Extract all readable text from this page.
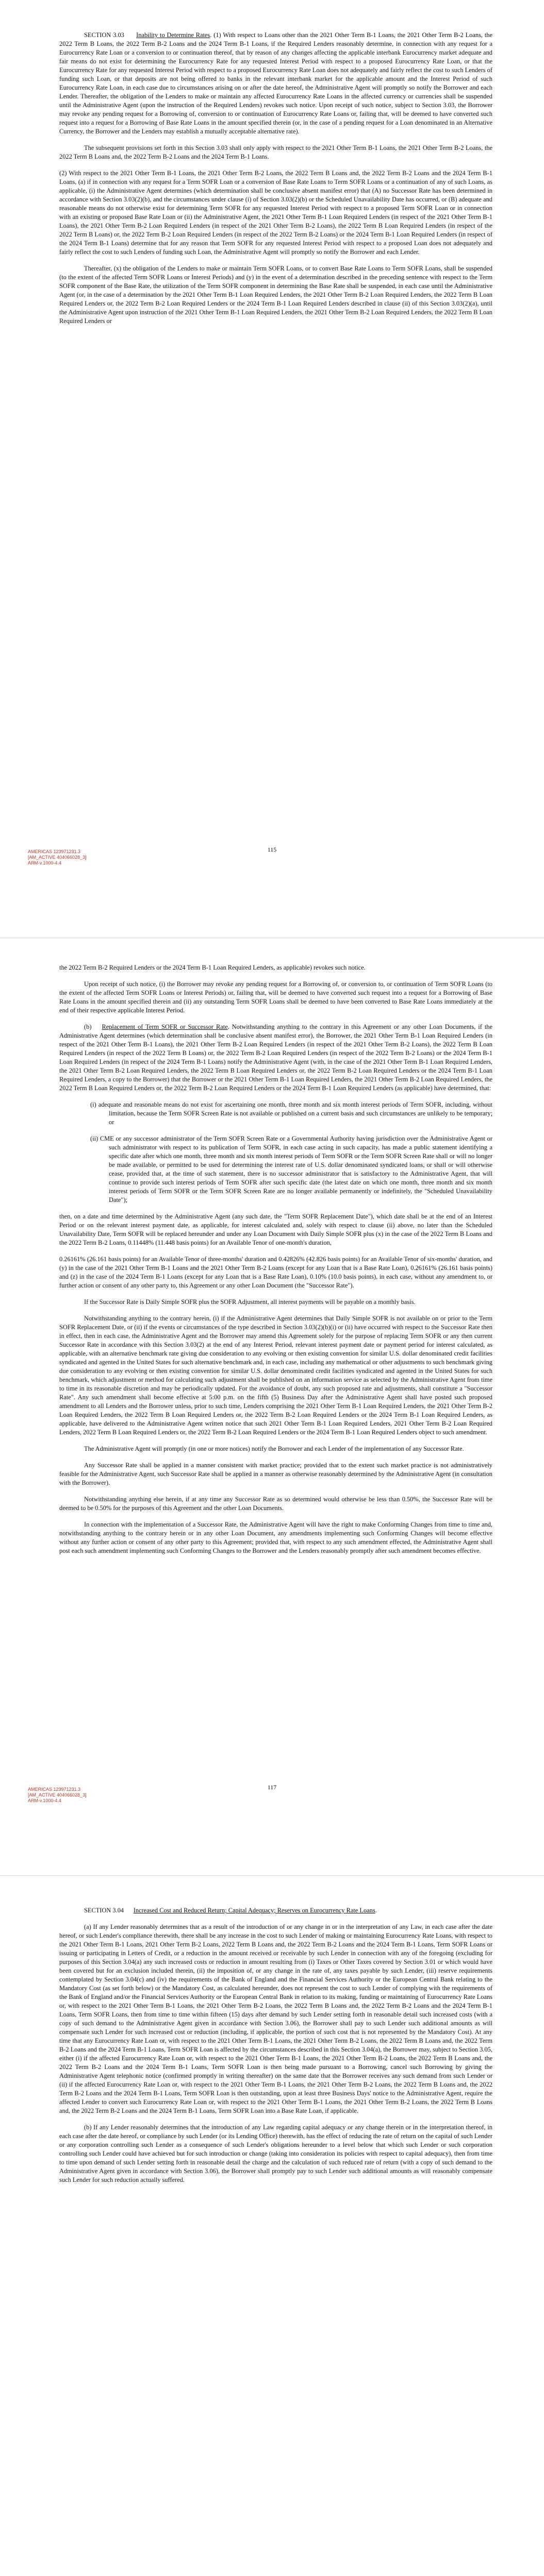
SECTION 3.03 Inability to Determine Rates. (1) With respect to Loans other than the 2021 Other Term B-1 Loans, the 2021 Other Term B-2 Loans, the 2022 Term B Loans, the 2022 Term B-2 Loans and the 2024 Term B-1 Loans, if the Required Lenders reasonably determine, in connection with any request for a Eurocurrency Rate Loan or a conversion to or continuation thereof, that by reason of any changes affecting the applicable interbank Eurocurrency market adequate and fair means do not exist for determining the Eurocurrency Rate for any requested Interest Period with respect to a proposed Eurocurrency Rate Loan, or that the Eurocurrency Rate for any requested Interest Period with respect to a proposed Eurocurrency Rate Loan does not adequately and fairly reflect the cost to such Lenders of funding such Loan, or that deposits are not being offered to banks in the relevant interbank market for the applicable amount and the Interest Period of such Eurocurrency Rate Loan, in each case due to circumstances arising on or after the date hereof, the Administrative Agent will promptly so notify the Borrower and each Lender. Thereafter, the obligation of the Lenders to make or maintain any affected Eurocurrency Rate Loans in the affected currency or currencies shall be suspended until the Administrative Agent (upon the instruction of the Required Lenders) revokes such notice. Upon receipt of such notice, subject to Section 3.03, the Borrower may revoke any pending request for a Borrowing of, conversion to or continuation of Eurocurrency Rate Loans or, failing that, will be deemed to have converted such request into a request for a Borrowing of Base Rate Loans in the amount specified therein (or, in the case of a pending request for a Loan denominated in an Alternative Currency, the Borrower and the Lenders may establish a mutually acceptable alternative rate).

The subsequent provisions set forth in this Section 3.03 shall only apply with respect to the 2021 Other Term B-1 Loans, the 2021 Other Term B-2 Loans, the 2022 Term B Loans and, the 2022 Term B-2 Loans and the 2024 Term B-1 Loans.

(2) With respect to the 2021 Other Term B-1 Loans, the 2021 Other Term B-2 Loans, the 2022 Term B Loans and, the 2022 Term B-2 Loans and the 2024 Term B-1 Loans, (a) if in connection with any request for a Term SOFR Loan or a conversion of Base Rate Loans to Term SOFR Loans or a continuation of any of such Loans, as applicable, (i) the Administrative Agent determines (which determination shall be conclusive absent manifest error) that (A) no Successor Rate has been determined in accordance with Section 3.03(2)(b), and the circumstances under clause (i) of Section 3.03(2)(b) or the Scheduled Unavailability Date has occurred, or (B) adequate and reasonable means do not otherwise exist for determining Term SOFR for any requested Interest Period with respect to a proposed Term SOFR Loan or in connection with an existing or proposed Base Rate Loan or (ii) the Administrative Agent, the 2021 Other Term B-1 Loan Required Lenders (in respect of the 2021 Other Term B-1 Loans), the 2021 Other Term B-2 Loan Required Lenders (in respect of the 2021 Other Term B-2 Loans), the 2022 Term B Loan Required Lenders (in respect of the 2022 Term B Loans) or, the 2022 Term B-2 Loan Required Lenders (in respect of the 2022 Term B-2 Loans) or the 2024 Term B-1 Loan Required Lenders (in respect of the 2024 Term B-1 Loans) determine that for any reason that Term SOFR for any requested Interest Period with respect to a proposed Loan does not adequately and fairly reflect the cost to such Lenders of funding such Loan, the Administrative Agent will promptly so notify the Borrower and each Lender.

Thereafter, (x) the obligation of the Lenders to make or maintain Term SOFR Loans, or to convert Base Rate Loans to Term SOFR Loans, shall be suspended (to the extent of the affected Term SOFR Loans or Interest Periods) and (y) in the event of a determination described in the preceding sentence with respect to the Term SOFR component of the Base Rate, the utilization of the Term SOFR component in determining the Base Rate shall be suspended, in each case until the Administrative Agent (or, in the case of a determination by the 2021 Other Term B-1 Loan Required Lenders, the 2021 Other Term B-2 Loan Required Lenders, the 2022 Term B Loan Required Lenders or, the 2022 Term B-2 Loan Required Lenders or the 2024 Term B-1 Loan Required Lenders described in clause (ii) of this Section 3.03(2)(a), until the Administrative Agent upon instruction of the 2021 Other Term B-1 Loan Required Lenders, the 2021 Other Term B-2 Loan Required Lenders, the 2022 Term B Loan Required Lenders or

115
AMERICAS 123971231.3
[AM_ACTIVE 404066028_3]
ARM-v.1000-4.4

the 2022 Term B-2 Required Lenders or the 2024 Term B-1 Loan Required Lenders, as applicable) revokes such notice.

Upon receipt of such notice, (i) the Borrower may revoke any pending request for a Borrowing of, or conversion to, or continuation of Term SOFR Loans (to the extent of the affected Term SOFR Loans or Interest Periods) or, failing that, will be deemed to have converted such request into a request for a Borrowing of Base Rate Loans in the amount specified therein and (ii) any outstanding Term SOFR Loans shall be deemed to have been converted to Base Rate Loans immediately at the end of their respective applicable Interest Period.

(b) Replacement of Term SOFR or Successor Rate. Notwithstanding anything to the contrary in this Agreement or any other Loan Documents, if the Administrative Agent determines (which determination shall be conclusive absent manifest error), the Borrower, the 2021 Other Term B-1 Loan Required Lenders (in respect of the 2021 Other Term B-1 Loans), the 2021 Other Term B-2 Loan Required Lenders (in respect of the 2021 Other Term B-2 Loans), the 2022 Term B Loan Required Lenders (in respect of the 2022 Term B Loans) or, the 2022 Term B-2 Loan Required Lenders (in respect of the 2022 Term B-2 Loans) or the 2024 Term B-1 Loan Required Lenders (in respect of the 2024 Term B-1 Loans) notify the Administrative Agent (with, in the case of the 2021 Other Term B-1 Loan Required Lenders, the 2021 Other Term B-2 Loan Required Lenders, the 2022 Term B Loan Required Lenders or, the 2022 Term B-2 Loan Required Lenders or the 2024 Term B-1 Loan Required Lenders, a copy to the Borrower) that the Borrower or the 2021 Other Term B-1 Loan Required Lenders, the 2021 Other Term B-2 Loan Required Lenders, the 2022 Term B Loan Required Lenders or, the 2022 Term B-2 Loan Required Lenders or the 2024 Term B-1 Loan Required Lenders (as applicable) have determined, that:

(i) adequate and reasonable means do not exist for ascertaining one month, three month and six month interest periods of Term SOFR, including, without limitation, because the Term SOFR Screen Rate is not available or published on a current basis and such circumstances are unlikely to be temporary; or

(ii) CME or any successor administrator of the Term SOFR Screen Rate or a Governmental Authority having jurisdiction over the Administrative Agent or such administrator with respect to its publication of Term SOFR, in each case acting in such capacity, has made a public statement identifying a specific date after which one month, three month and six month interest periods of Term SOFR or the Term SOFR Screen Rate shall or will no longer be made available, or permitted to be used for determining the interest rate of U.S. dollar denominated syndicated loans, or shall or will otherwise cease, provided that, at the time of such statement, there is no successor administrator that is satisfactory to the Administrative Agent, that will continue to provide such interest periods of Term SOFR after such specific date (the latest date on which one month, three month and six month interest periods of Term SOFR or the Term SOFR Screen Rate are no longer available permanently or indefinitely, the "Scheduled Unavailability Date");

then, on a date and time determined by the Administrative Agent (any such date, the "Term SOFR Replacement Date"), which date shall be at the end of an Interest Period or on the relevant interest payment date, as applicable, for interest calculated and, solely with respect to clause (ii) above, no later than the Scheduled Unavailability Date, Term SOFR will be replaced hereunder and under any Loan Document with Daily Simple SOFR plus (x) in the case of the 2022 Term B Loans and the 2022 Term B-2 Loans, 0.11448% (11.448 basis points) for an Available Tenor of one-month's duration,

0.26161% (26.161 basis points) for an Available Tenor of three-months' duration and 0.42826% (42.826 basis points) for an Available Tenor of six-months' duration, and (y) in the case of the 2021 Other Term B-1 Loans and the 2021 Other Term B-2 Loans (except for any Loan that is a Base Rate Loan), 0.26161% (26.161 basis points) and (z) in the case of the 2024 Term B-1 Loans (except for any Loan that is a Base Rate Loan), 0.10% (10.0 basis points), in each case, without any amendment to, or further action or consent of any other party to, this Agreement or any other Loan Document (the "Successor Rate").

If the Successor Rate is Daily Simple SOFR plus the SOFR Adjustment, all interest payments will be payable on a monthly basis.

Notwithstanding anything to the contrary herein, (i) if the Administrative Agent determines that Daily Simple SOFR is not available on or prior to the Term SOFR Replacement Date, or (ii) if the events or circumstances of the type described in Section 3.03(2)(b)(i) or (ii) have occurred with respect to the Successor Rate then in effect, then in each case, the Administrative Agent and the Borrower may amend this Agreement solely for the purpose of replacing Term SOFR or any then current Successor Rate in accordance with this Section 3.03(2) at the end of any Interest Period, relevant interest payment date or payment period for interest calculated, as applicable, with an alternative benchmark rate giving due consideration to any evolving or then existing convention for similar U.S. dollar denominated credit facilities syndicated and agented in the United States for such alternative benchmark and, in each case, including any mathematical or other adjustments to such benchmark giving due consideration to any evolving or then existing convention for similar U.S. dollar denominated credit facilities syndicated and agented in the United States for such benchmark, which adjustment or method for calculating such adjustment shall be published on an information service as selected by the Administrative Agent from time to time in its reasonable discretion and may be periodically updated. For the avoidance of doubt, any such proposed rate and adjustments, shall constitute a "Successor Rate". Any such amendment shall become effective at 5:00 p.m. on the fifth (5) Business Day after the Administrative Agent shall have posted such proposed amendment to all Lenders and the Borrower unless, prior to such time, Lenders comprising the 2021 Other Term B-1 Loan Required Lenders, the 2021 Other Term B-2 Loan Required Lenders, the 2022 Term B Loan Required Lenders or, the 2022 Term B-2 Loan Required Lenders or the 2024 Term B-1 Loan Required Lenders, as applicable, have delivered to the Administrative Agent written notice that such 2021 Other Term B-1 Loan Required Lenders, 2021 Other Term B-2 Loan Required Lenders, 2022 Term B Loan Required Lenders or, the 2022 Term B-2 Loan Required Lenders or the 2024 Term B-1 Loan Required Lenders object to such amendment.

The Administrative Agent will promptly (in one or more notices) notify the Borrower and each Lender of the implementation of any Successor Rate.

Any Successor Rate shall be applied in a manner consistent with market practice; provided that to the extent such market practice is not administratively feasible for the Administrative Agent, such Successor Rate shall be applied in a manner as otherwise reasonably determined by the Administrative Agent (in consultation with the Borrower).

Notwithstanding anything else herein, if at any time any Successor Rate as so determined would otherwise be less than 0.50%, the Successor Rate will be deemed to be 0.50% for the purposes of this Agreement and the other Loan Documents.

In connection with the implementation of a Successor Rate, the Administrative Agent will have the right to make Conforming Changes from time to time and, notwithstanding anything to the contrary herein or in any other Loan Document, any amendments implementing such Conforming Changes will become effective without any further action or consent of any other party to this Agreement; provided that, with respect to any such amendment effected, the Administrative Agent shall post each such amendment implementing such Conforming Changes to the Borrower and the Lenders reasonably promptly after such amendment becomes effective.

117
AMERICAS 123971231.3
[AM_ACTIVE 404066028_3]
ARM-v.1000-4.4

SECTION 3.04 Increased Cost and Reduced Return; Capital Adequacy; Reserves on Eurocurrency Rate Loans.

(a) If any Lender reasonably determines that as a result of the introduction of or any change in or in the interpretation of any Law, in each case after the date hereof, or such Lender's compliance therewith, there shall be any increase in the cost to such Lender of making or maintaining Eurocurrency Rate Loans, with respect to the 2021 Other Term B-1 Loans, 2021 Other Term B-2 Loans, 2022 Term B Loans and, the 2022 Term B-2 Loans and the 2024 Term B-1 Loans, Term SOFR Loans or issuing or participating in Letters of Credit, or a reduction in the amount received or receivable by such Lender in connection with any of the foregoing (excluding for purposes of this Section 3.04(a) any such increased costs or reduction in amount resulting from (i) Taxes or Other Taxes covered by Section 3.01 or which would have been covered but for an exclusion included therein, (ii) the imposition of, or any change in the rate of, any taxes payable by such Lender, (iii) reserve requirements contemplated by Section 3.04(c) and (iv) the requirements of the Bank of England and the Financial Services Authority or the European Central Bank relating to the Mandatory Cost (as set forth below) or the Mandatory Cost, as calculated hereunder, does not represent the cost to such Lender of complying with the requirements of the Bank of England and/or the Financial Services Authority or the European Central Bank in relation to its making, funding or maintaining of Eurocurrency Rate Loans or, with respect to the 2021 Other Term B-1 Loans, the 2021 Other Term B-2 Loans, the 2022 Term B Loans and, the 2022 Term B-2 Loans and the 2024 Term B-1 Loans, Term SOFR Loans, then from time to time within fifteen (15) days after demand by such Lender setting forth in reasonable detail such increased costs (with a copy of such demand to the Administrative Agent given in accordance with Section 3.06), the Borrower shall pay to such Lender such additional amounts as will compensate such Lender for such increased cost or reduction (including, if applicable, the portion of such cost that is not represented by the Mandatory Cost). At any time that any Eurocurrency Rate Loan or, with respect to the 2021 Other Term B-1 Loans, the 2021 Other Term B-2 Loans, the 2022 Term B Loans and, the 2022 Term B-2 Loans and the 2024 Term B-1 Loans, Term SOFR Loan is affected by the circumstances described in this Section 3.04(a), the Borrower may, subject to Section 3.05, either (i) if the affected Eurocurrency Rate Loan or, with respect to the 2021 Other Term B-1 Loans, the 2021 Other Term B-2 Loans, the 2022 Term B Loans and, the 2022 Term B-2 Loans and the 2024 Term B-1 Loans, Term SOFR Loan is then being made pursuant to a Borrowing, cancel such Borrowing by giving the Administrative Agent telephonic notice (confirmed promptly in writing thereafter) on the same date that the Borrower receives any such demand from such Lender or (ii) if the affected Eurocurrency Rate Loan or, with respect to the 2021 Other Term B-1 Loans, the 2021 Other Term B-2 Loans, the 2022 Term B Loans and, the 2022 Term B-2 Loans and the 2024 Term B-1 Loans, Term SOFR Loan is then outstanding, upon at least three Business Days' notice to the Administrative Agent, require the affected Lender to convert such Eurocurrency Rate Loan or, with respect to the 2021 Other Term B-1 Loans, the 2021 Other Term B-2 Loans, the 2022 Term B Loans and, the 2022 Term B-2 Loans and the 2024 Term B-1 Loans, Term SOFR Loan into a Base Rate Loan, if applicable.

(b) If any Lender reasonably determines that the introduction of any Law regarding capital adequacy or any change therein or in the interpretation thereof, in each case after the date hereof, or compliance by such Lender (or its Lending Office) therewith, has the effect of reducing the rate of return on the capital of such Lender or any corporation controlling such Lender as a consequence of such Lender's obligations hereunder to a level below that which such Lender or such corporation controlling such Lender could have achieved but for such introduction or change (taking into consideration its policies with respect to capital adequacy), then from time to time upon demand of such Lender setting forth in reasonable detail the charge and the calculation of such reduced rate of return (with a copy of such demand to the Administrative Agent given in accordance with Section 3.06), the Borrower shall promptly pay to such Lender such additional amounts as will reasonably compensate such Lender for such reduction actually suffered.
